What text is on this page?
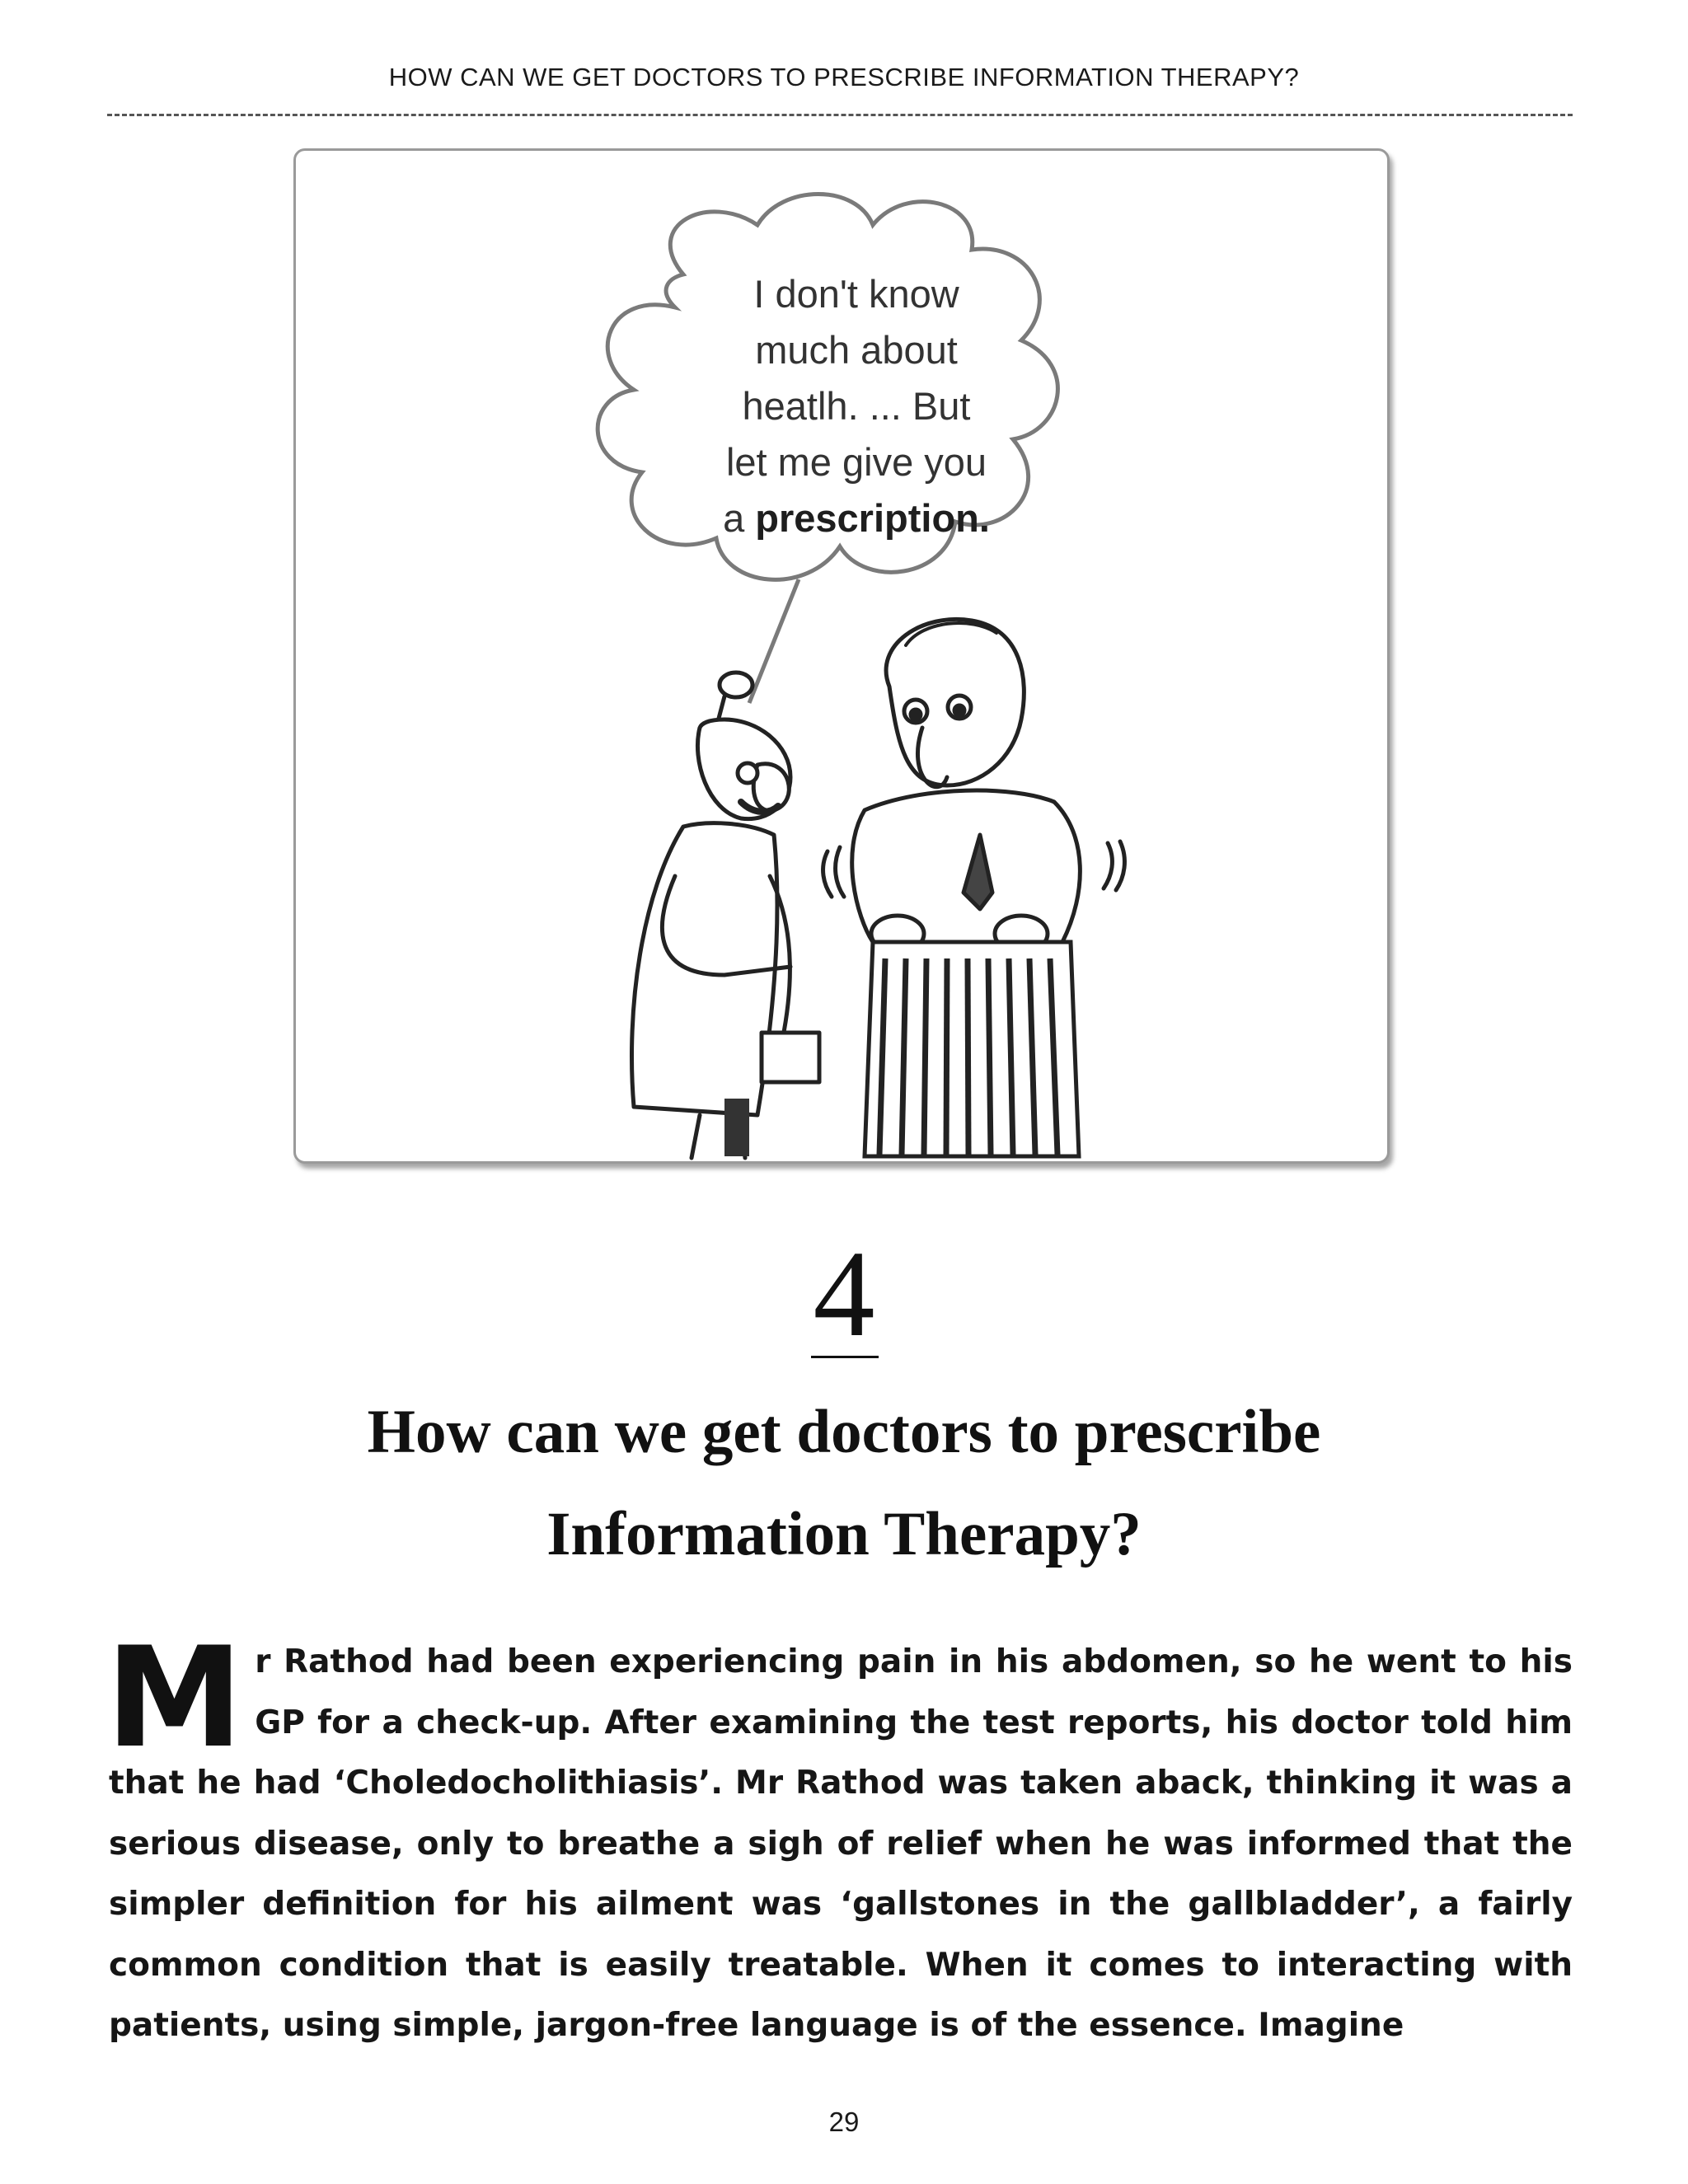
HOW CAN WE GET DOCTORS TO PRESCRIBE INFORMATION THERAPY?
I don't know
much about
heatlh. ... But
let me give you
a prescription.
4
How can we get doctors to prescribe
Information Therapy?
Mr Rathod had been experiencing pain in his abdomen, so he went to his GP for a check-up. After examining the test reports, his doctor told him that he had ‘Choledocholithiasis’. Mr Rathod was taken aback, thinking it was a serious disease, only to breathe a sigh of relief when he was informed that the simpler definition for his ailment was ‘gallstones in the gallbladder’, a fairly common condition that is easily treatable. When it comes to interacting with patients, using simple, jargon-free language is of the essence. Imagine
29
